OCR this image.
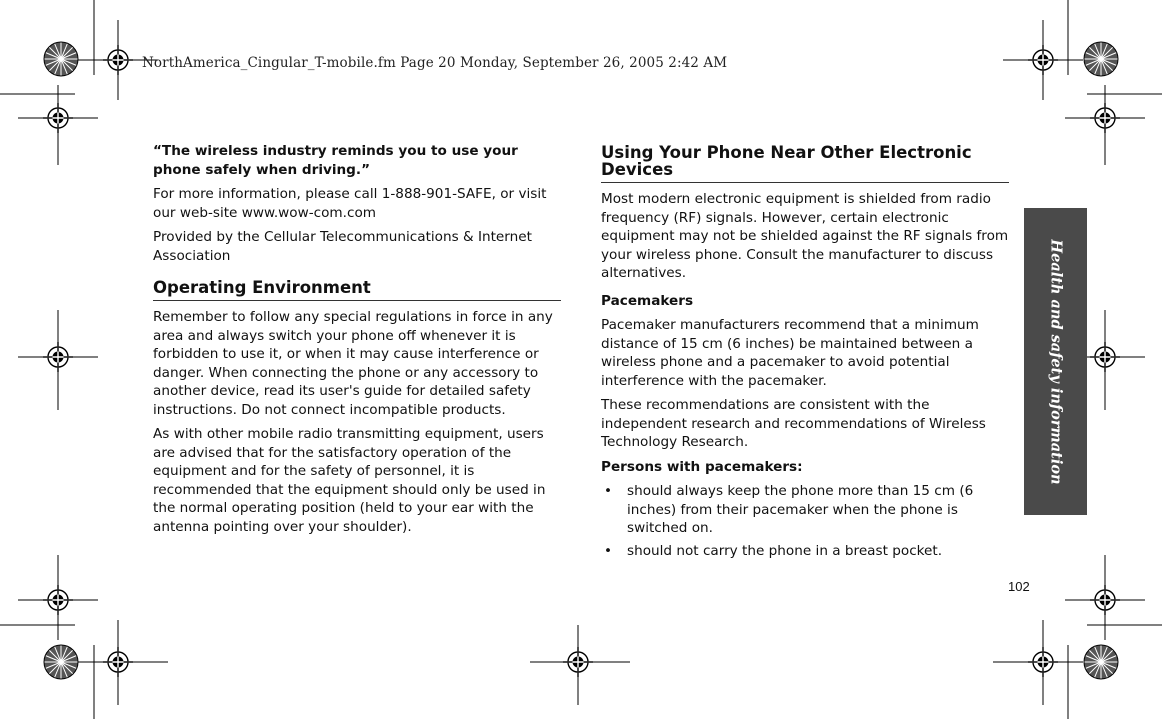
NorthAmerica_Cingular_T-mobile.fm Page 20 Monday, September 26, 2005 2:42 AM

“The wireless industry reminds you to use your phone safely when driving.”

For more information, please call 1-888-901-SAFE, or visit our web-site www.wow-com.com

Provided by the Cellular Telecommunications & Internet Association

Operating Environment

Remember to follow any special regulations in force in any area and always switch your phone off whenever it is forbidden to use it, or when it may cause interference or danger. When connecting the phone or any accessory to another device, read its user's guide for detailed safety instructions. Do not connect incompatible products.

As with other mobile radio transmitting equipment, users are advised that for the satisfactory operation of the equipment and for the safety of personnel, it is recommended that the equipment should only be used in the normal operating position (held to your ear with the antenna pointing over your shoulder).

Using Your Phone Near Other Electronic Devices

Most modern electronic equipment is shielded from radio frequency (RF) signals. However, certain electronic equipment may not be shielded against the RF signals from your wireless phone. Consult the manufacturer to discuss alternatives.

Pacemakers

Pacemaker manufacturers recommend that a minimum distance of 15 cm (6 inches) be maintained between a wireless phone and a pacemaker to avoid potential interference with the pacemaker.

These recommendations are consistent with the independent research and recommendations of Wireless Technology Research.

Persons with pacemakers:
• should always keep the phone more than 15 cm (6 inches) from their pacemaker when the phone is switched on.
• should not carry the phone in a breast pocket.
Health and safety information
102
